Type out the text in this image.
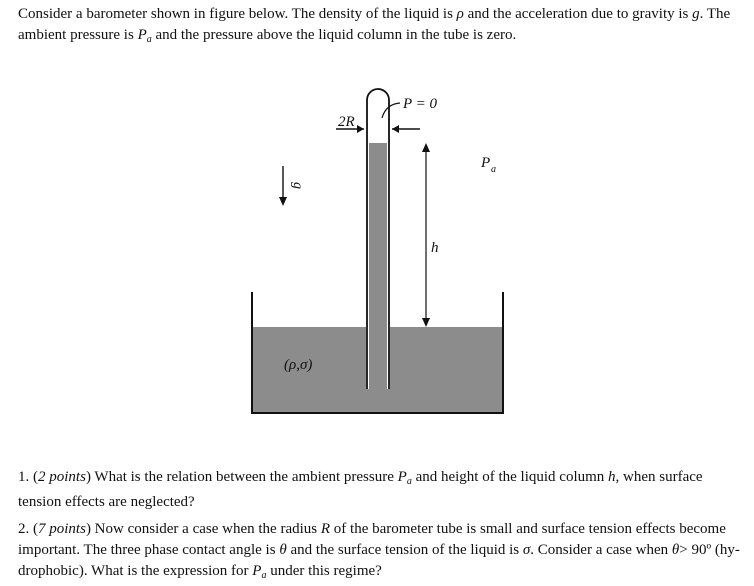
Consider a barometer shown in figure below. The density of the liquid is ρ and the acceleration due to gravity is g. The ambient pressure is $P_a$ and the pressure above the liquid column in the tube is zero.
P = 0
2R
h
P a
g
(ρ,σ)
1. (2 points) What is the relation between the ambient pressure $P_a$ and height of the liquid column h, when surface tension effects are neglected?
2. (7 points) Now consider a case when the radius R of the barometer tube is small and surface tension effects become important. The three phase contact angle is θ and the surface tension of the liquid is σ. Consider a case when θ> 90º (hy-drophobic). What is the expression for $P_a$ under this regime?
